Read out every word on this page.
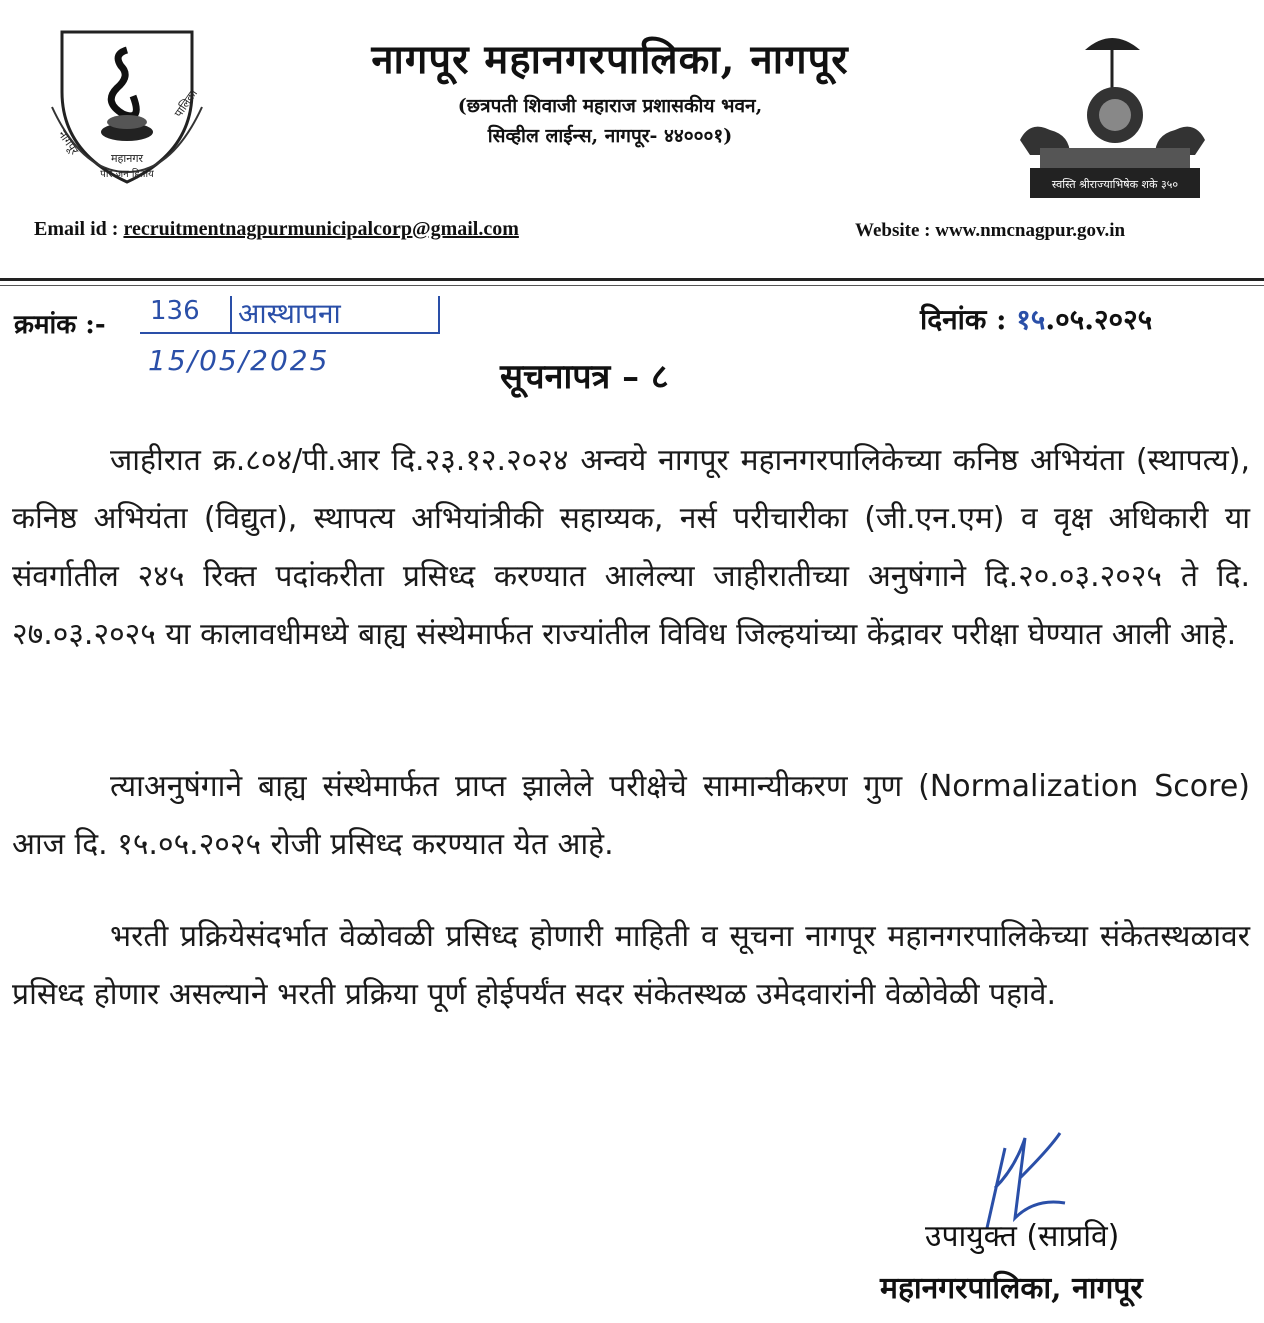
नागपूर
पालिका
महानगर
पौर जन हिताय
नागपूर महानगरपालिका, नागपूर
(छत्रपती शिवाजी महाराज प्रशासकीय भवन,
सिव्हील लाईन्स, नागपूर- ४४०००१)
स्वस्ति श्रीराज्याभिषेक शके ३५०
Email id : recruitmentnagpurmunicipalcorp@gmail.com	Website : www.nmcnagpur.gov.in
क्रमांक :- 136 आस्थापना
15/05/2025
दिनांक : १५.०५.२०२५
सूचनापत्र – ८
जाहीरात क्र.८०४/पी.आर दि.२३.१२.२०२४ अन्वये नागपूर महानगरपालिकेच्या कनिष्ठ अभियंता (स्थापत्य), कनिष्ठ अभियंता (विद्युत), स्थापत्य अभियांत्रीकी सहाय्यक, नर्स परीचारीका (जी.एन.एम) व वृक्ष अधिकारी या संवर्गातील २४५ रिक्त पदांकरीता प्रसिध्द करण्यात आलेल्या जाहीरातीच्या अनुषंगाने दि.२०.०३.२०२५ ते दि. २७.०३.२०२५ या कालावधीमध्ये बाह्य संस्थेमार्फत राज्यांतील विविध जिल्हयांच्या केंद्रावर परीक्षा घेण्यात आली आहे.
त्याअनुषंगाने बाह्य संस्थेमार्फत प्राप्त झालेले परीक्षेचे सामान्यीकरण गुण (Normalization Score) आज दि. १५.०५.२०२५ रोजी प्रसिध्द करण्यात येत आहे.
भरती प्रक्रियेसंदर्भात वेळोवळी प्रसिध्द होणारी माहिती व सूचना नागपूर महानगरपालिकेच्या संकेतस्थळावर प्रसिध्द होणार असल्याने भरती प्रक्रिया पूर्ण होईपर्यंत सदर संकेतस्थळ उमेदवारांनी वेळोवेळी पहावे.
उपायुक्त (साप्रवि)
महानगरपालिका, नागपूर
